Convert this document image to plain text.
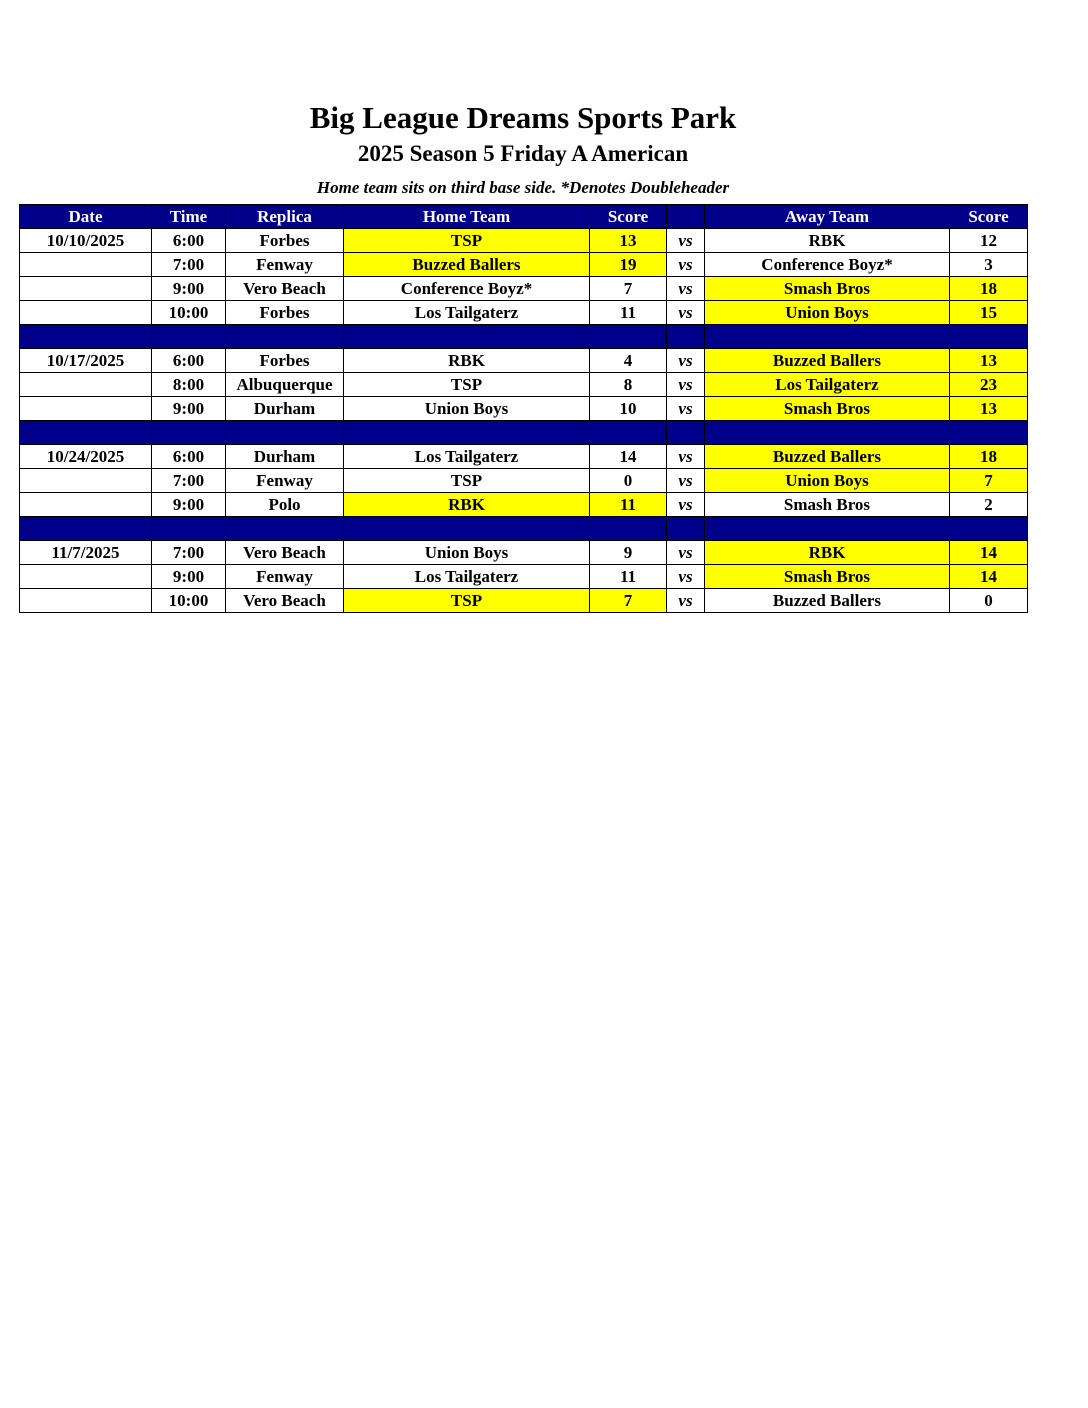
Big League Dreams Sports Park
2025 Season 5 Friday A American
Home team sits on third base side. *Denotes Doubleheader
Date	Time	Replica	Home Team	Score		Away Team	Score
10/10/2025	6:00	Forbes	TSP	13	vs	RBK	12
	7:00	Fenway	Buzzed Ballers	19	vs	Conference Boyz*	3
	9:00	Vero Beach	Conference Boyz*	7	vs	Smash Bros	18
	10:00	Forbes	Los Tailgaterz	11	vs	Union Boys	15

10/17/2025	6:00	Forbes	RBK	4	vs	Buzzed Ballers	13
	8:00	Albuquerque	TSP	8	vs	Los Tailgaterz	23
	9:00	Durham	Union Boys	10	vs	Smash Bros	13

10/24/2025	6:00	Durham	Los Tailgaterz	14	vs	Buzzed Ballers	18
	7:00	Fenway	TSP	0	vs	Union Boys	7
	9:00	Polo	RBK	11	vs	Smash Bros	2

11/7/2025	7:00	Vero Beach	Union Boys	9	vs	RBK	14
	9:00	Fenway	Los Tailgaterz	11	vs	Smash Bros	14
	10:00	Vero Beach	TSP	7	vs	Buzzed Ballers	0
